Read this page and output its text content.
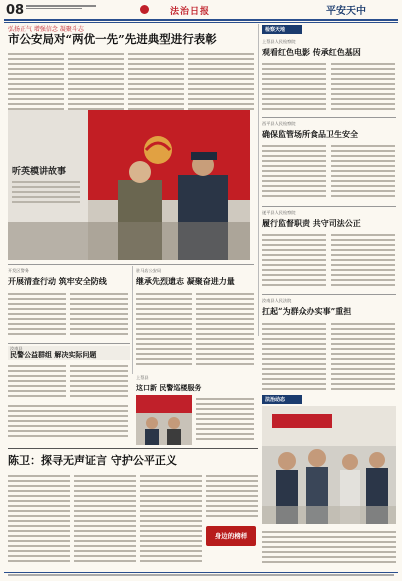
08	法治日报	平安天中
弘扬正气 增强信念 凝聚斗志
市公安局对“两优一先”先进典型进行表彰
听英模讲故事
检察天地
上蔡县人民检察院
观看红色电影 传承红色基因
西平县人民检察院
确保监管场所食品卫生安全
遂平县人民检察院
履行监督职责 共守司法公正
汝南县人民法院
扛起“为群众办实事”重担
法治动态
开发区警务
开展清查行动 筑牢安全防线
驻马店公安局
继承先烈遗志 凝聚奋进力量
汝南县
民警公益群组 解决实际问题
上蔡县
这口新 民警巡楼服务
陈卫：探寻无声证言 守护公平正义
身边的榜样
